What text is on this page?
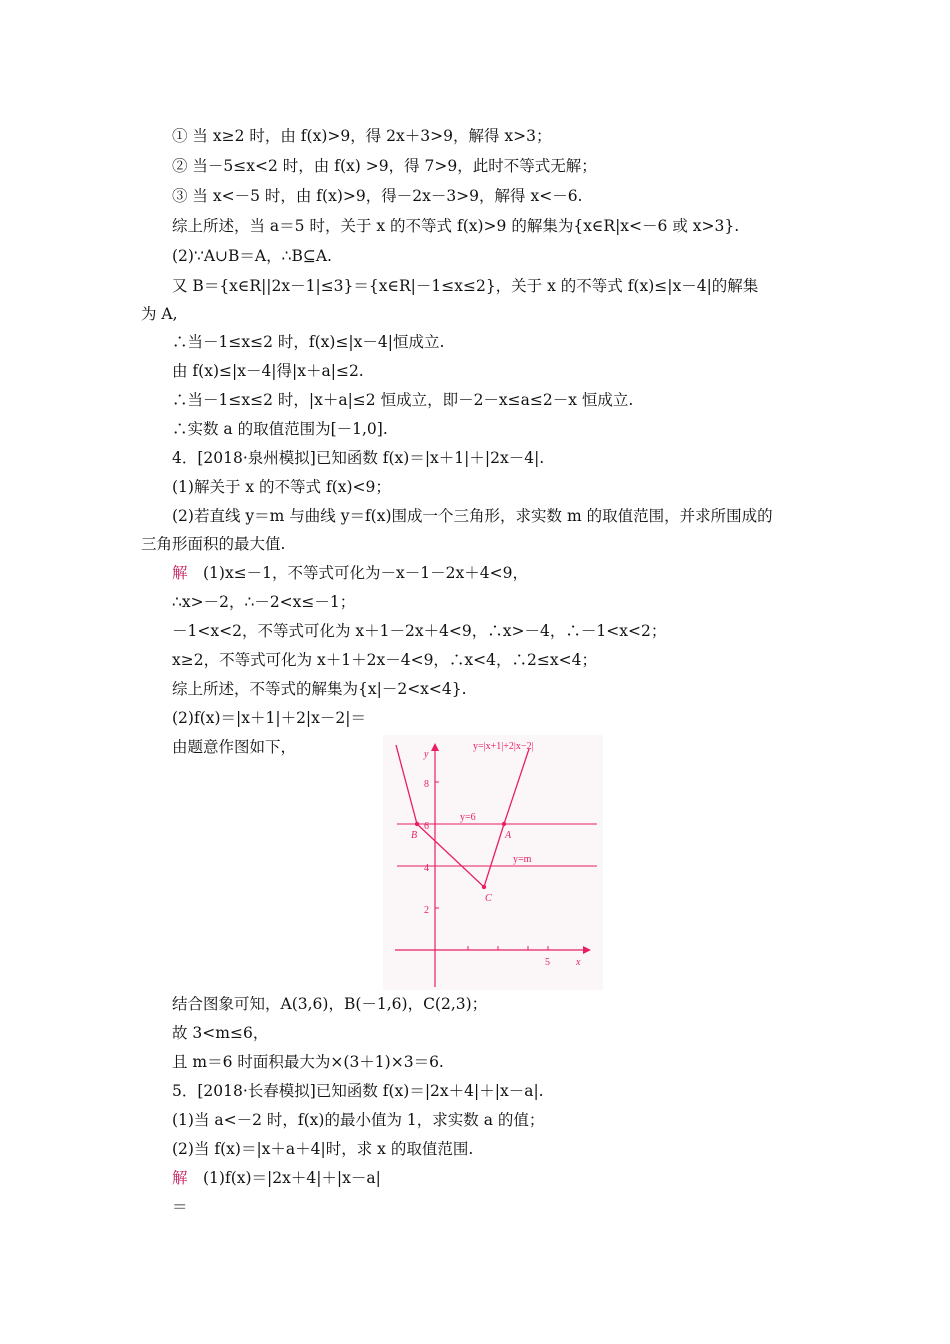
① 当 x≥2 时，由 f(x)>9，得 2x＋3>9，解得 x>3；
② 当－5≤x<2 时，由 f(x) >9，得 7>9，此时不等式无解；
③ 当 x<－5 时，由 f(x)>9，得－2x－3>9，解得 x<－6.
综上所述，当 a＝5 时，关于 x 的不等式 f(x)>9 的解集为{x∈R|x<－6 或 x>3}.
(2)∵A∪B＝A，∴B⊆A.
又 B＝{x∈R||2x－1|≤3}＝{x∈R|－1≤x≤2}，关于 x 的不等式 f(x)≤|x－4|的解集
为 A,
∴当－1≤x≤2 时，f(x)≤|x－4|恒成立.
由 f(x)≤|x－4|得|x＋a|≤2.
∴当－1≤x≤2 时，|x＋a|≤2 恒成立，即－2－x≤a≤2－x 恒成立.
∴实数 a 的取值范围为[－1,0].
4．[2018·泉州模拟]已知函数 f(x)＝|x＋1|＋|2x－4|.
(1)解关于 x 的不等式 f(x)<9；
(2)若直线 y＝m 与曲线 y＝f(x)围成一个三角形，求实数 m 的取值范围，并求所围成的
三角形面积的最大值.
解 (1)x≤－1，不等式可化为－x－1－2x＋4<9，
∴x>－2，∴－2<x≤－1；
－1<x<2，不等式可化为 x＋1－2x＋4<9，∴x>－4，∴－1<x<2；
x≥2，不等式可化为 x＋1＋2x－4<9，∴x<4，∴2≤x<4；
综上所述，不等式的解集为{x|－2<x<4}.
(2)f(x)＝|x＋1|＋2|x－2|＝
由题意作图如下，	y=|x+1|+2|x−2|
y=6
y=m
y
x
8
6
4
2
5
A
B
C
结合图象可知，A(3,6)，B(－1,6)，C(2,3)；
故 3<m≤6，
且 m＝6 时面积最大为×(3＋1)×3＝6.
5．[2018·长春模拟]已知函数 f(x)＝|2x＋4|＋|x－a|.
(1)当 a<－2 时，f(x)的最小值为 1，求实数 a 的值；
(2)当 f(x)＝|x＋a＋4|时，求 x 的取值范围.
解 (1)f(x)＝|2x＋4|＋|x－a|
＝
